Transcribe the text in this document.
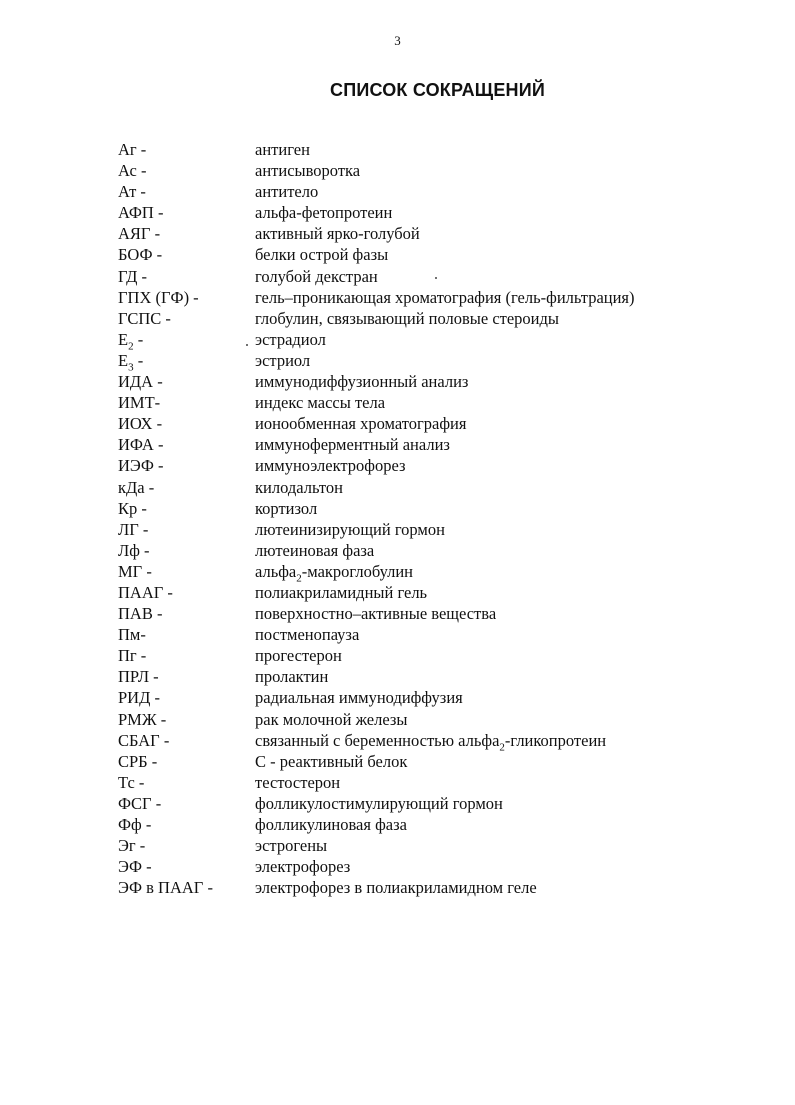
3
СПИСОК СОКРАЩЕНИЙ
Аг -	антиген
Ас -	антисыворотка
Ат -	антитело
АФП -	альфа-фетопротеин
АЯГ -	активный ярко-голубой
БОФ -	белки острой фазы
ГД -	голубой декстран
ГПХ (ГФ) -	гель–проникающая хроматография (гель-фильтрация)
ГСПС -	глобулин, связывающий половые стероиды
$E_2$ -	эстрадиол
$E_3$ -	эстриол
ИДА -	иммунодиффузионный анализ
ИМТ-	индекс массы тела
ИОХ -	ионообменная хроматография
ИФА -	иммуноферментный анализ
ИЭФ -	иммуноэлектрофорез
кДа -	килодальтон
Кр -	кортизол
ЛГ -	лютеинизирующий гормон
Лф -	лютеиновая фаза
МГ -	альфа$_2$-макроглобулин
ПААГ -	полиакриламидный гель
ПАВ -	поверхностно–активные вещества
Пм-	постменопауза
Пг -	прогестерон
ПРЛ -	пролактин
РИД -	радиальная иммунодиффузия
РМЖ -	рак молочной железы
СБАГ -	связанный с беременностью альфа$_2$-гликопротеин
СРБ -	С - реактивный белок
Тс -	тестостерон
ФСГ -	фолликулостимулирующий гормон
Фф -	фолликулиновая фаза
Эг -	эстрогены
ЭФ -	электрофорез
ЭФ в ПААГ -	электрофорез в полиакриламидном геле
